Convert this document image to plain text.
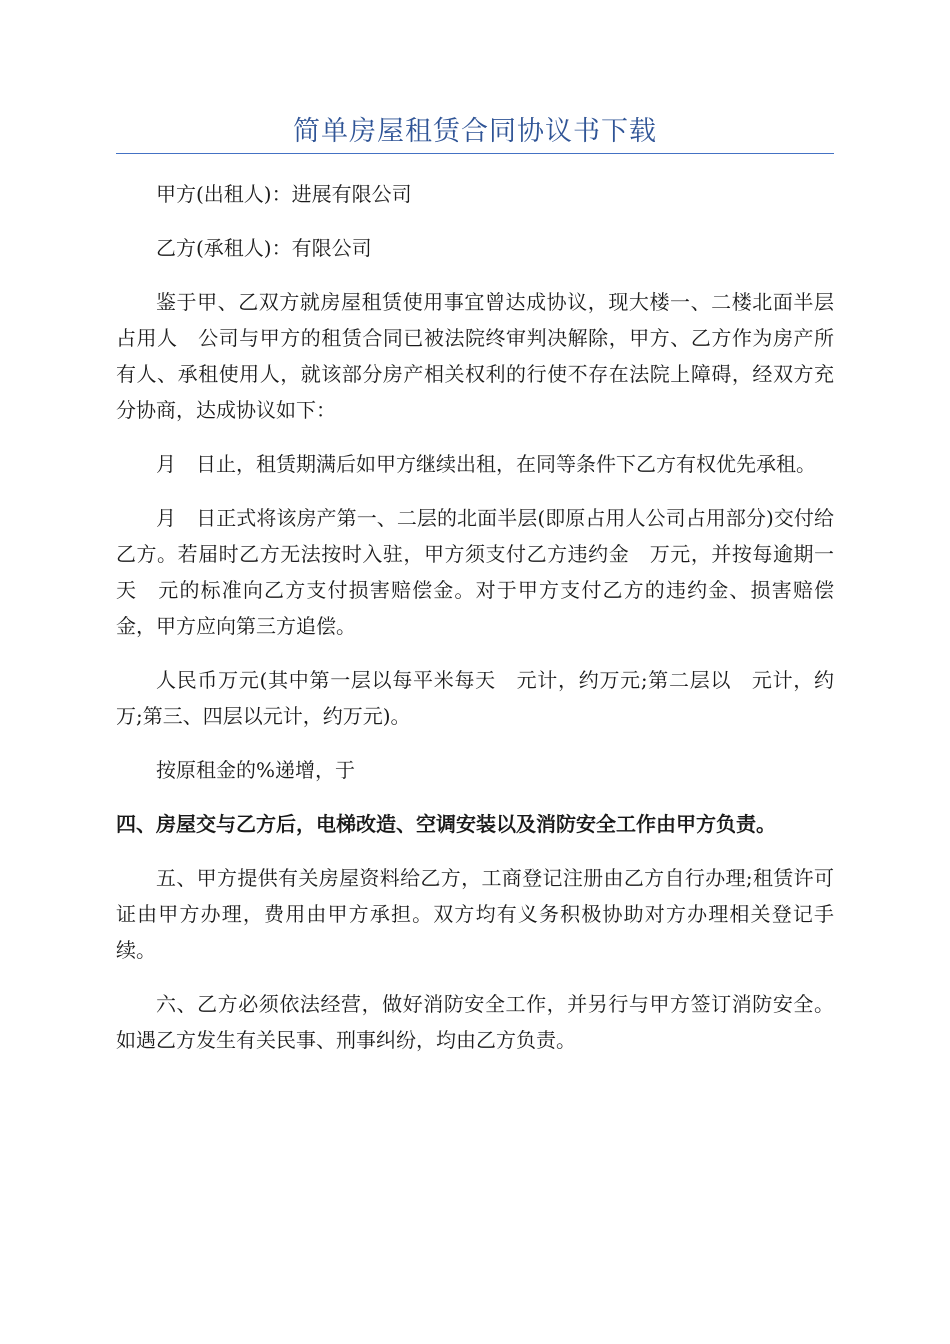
简单房屋租赁合同协议书下载

甲方(出租人)：进展有限公司

乙方(承租人)：有限公司

鉴于甲、乙双方就房屋租赁使用事宜曾达成协议，现大楼一、二楼北面半层占用人　公司与甲方的租赁合同已被法院终审判决解除，甲方、乙方作为房产所有人、承租使用人，就该部分房产相关权利的行使不存在法院上障碍，经双方充分协商，达成协议如下：

月　日止，租赁期满后如甲方继续出租，在同等条件下乙方有权优先承租。

月　日正式将该房产第一、二层的北面半层(即原占用人公司占用部分)交付给乙方。若届时乙方无法按时入驻，甲方须支付乙方违约金　万元，并按每逾期一天　元的标准向乙方支付损害赔偿金。对于甲方支付乙方的违约金、损害赔偿金，甲方应向第三方追偿。

人民币万元(其中第一层以每平米每天　元计，约万元;第二层以　元计，约万;第三、四层以元计，约万元)。

按原租金的%递增，于

四、房屋交与乙方后，电梯改造、空调安装以及消防安全工作由甲方负责。

五、甲方提供有关房屋资料给乙方，工商登记注册由乙方自行办理;租赁许可证由甲方办理，费用由甲方承担。双方均有义务积极协助对方办理相关登记手续。

六、乙方必须依法经营，做好消防安全工作，并另行与甲方签订消防安全。如遇乙方发生有关民事、刑事纠纷，均由乙方负责。
